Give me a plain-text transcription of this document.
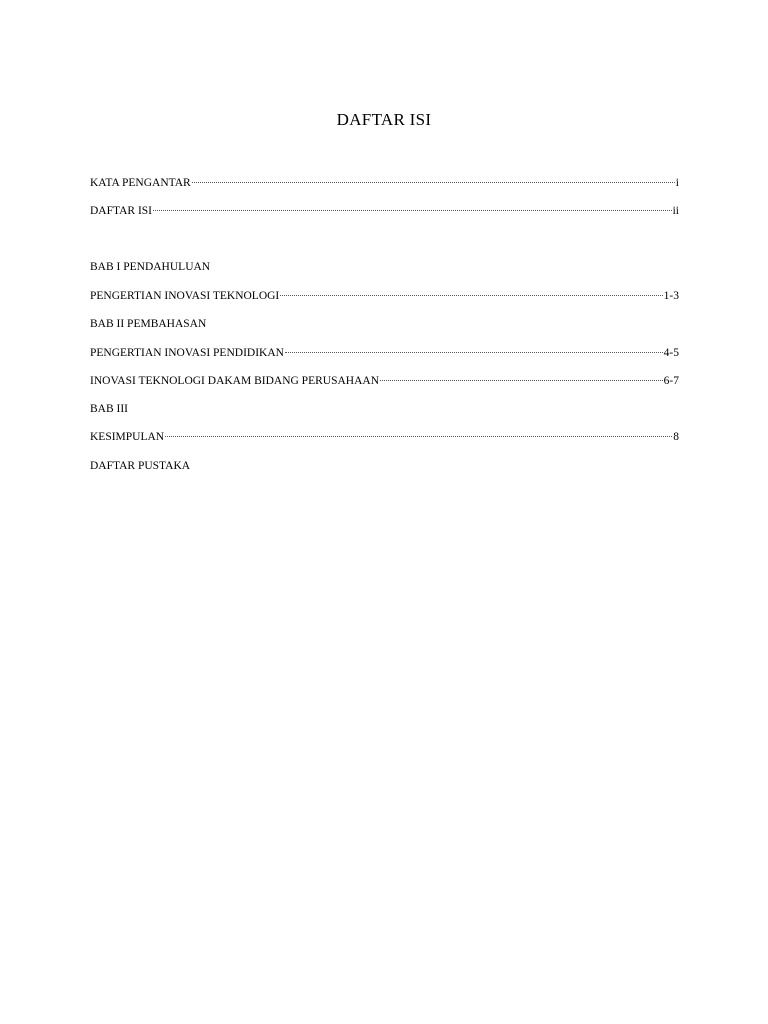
DAFTAR ISI
KATA PENGANTAR	i
DAFTAR ISI	ii
BAB I PENDAHULUAN
PENGERTIAN INOVASI TEKNOLOGI	1-3
BAB II PEMBAHASAN
PENGERTIAN INOVASI PENDIDIKAN	4-5
INOVASI TEKNOLOGI DAKAM BIDANG PERUSAHAAN	6-7
BAB III
KESIMPULAN	8
DAFTAR PUSTAKA
